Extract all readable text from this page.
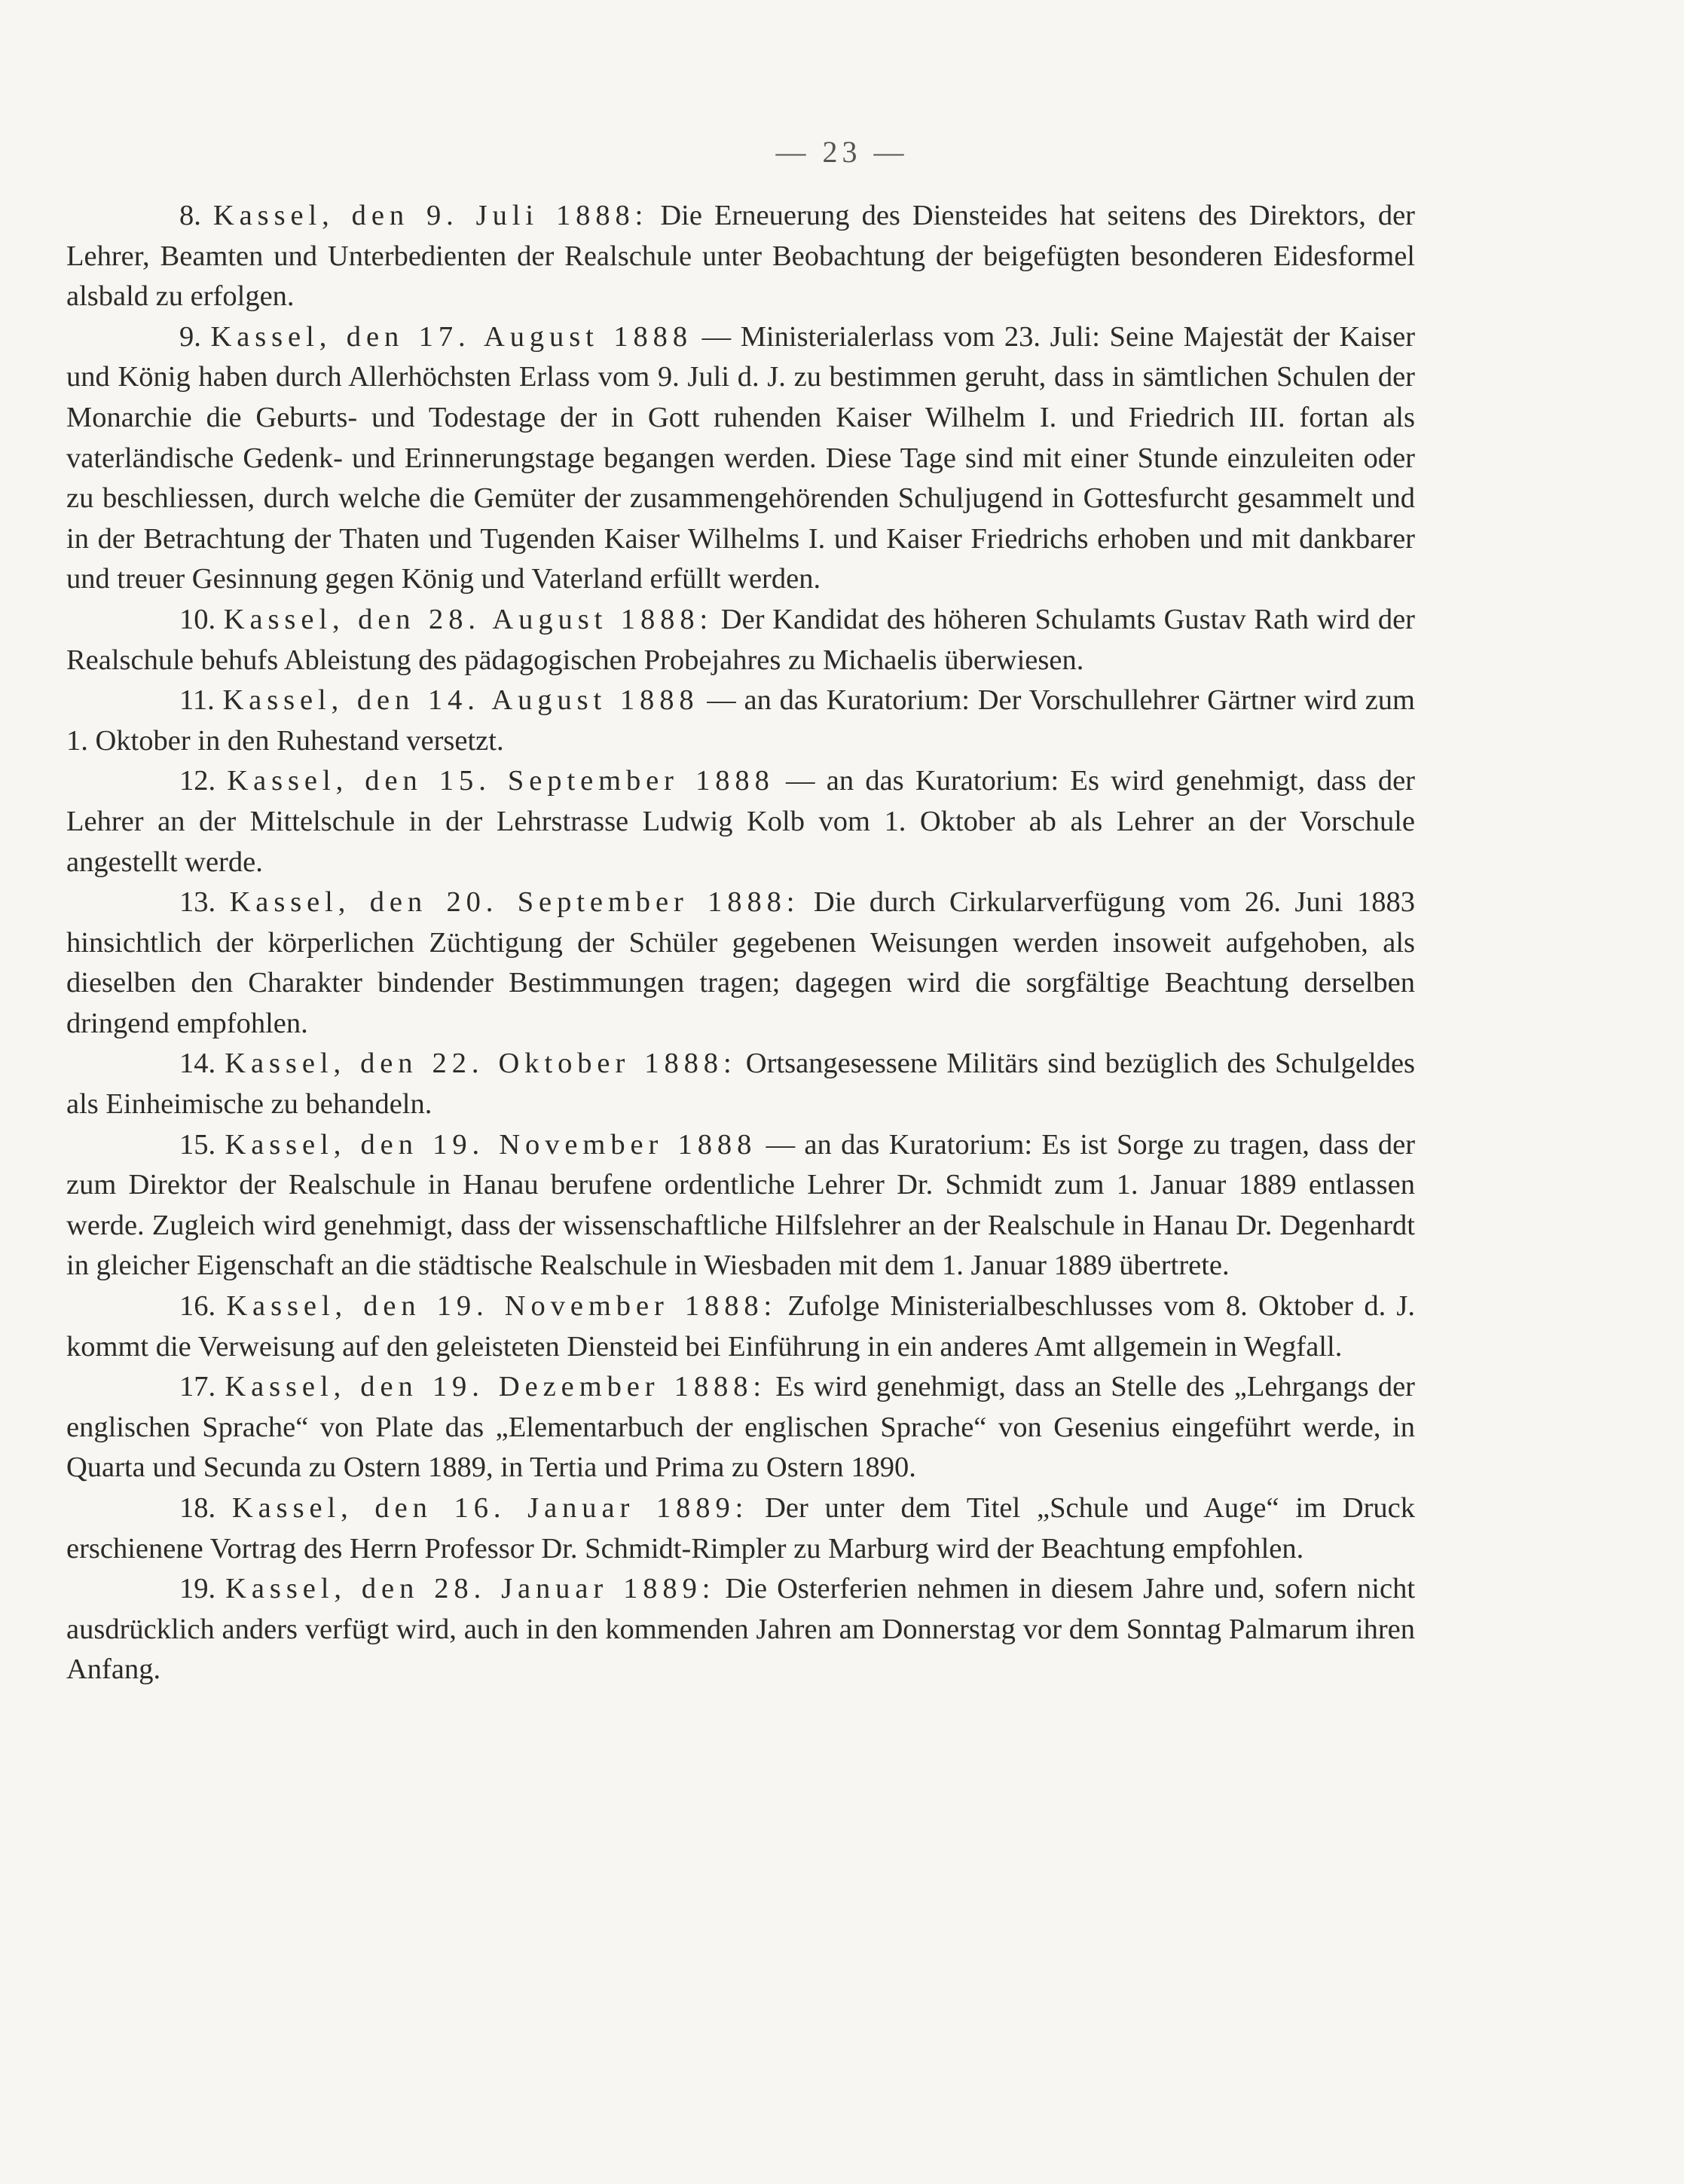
— 23 —

8. Kassel, den 9. Juli 1888: Die Erneuerung des Diensteides hat seitens des Direktors, der Lehrer, Beamten und Unterbedienten der Realschule unter Beobachtung der beigefügten besonderen Eidesformel alsbald zu erfolgen.

9. Kassel, den 17. August 1888 — Ministerialerlass vom 23. Juli: Seine Majestät der Kaiser und König haben durch Allerhöchsten Erlass vom 9. Juli d. J. zu bestimmen geruht, dass in sämtlichen Schulen der Monarchie die Geburts- und Todestage der in Gott ruhenden Kaiser Wilhelm I. und Friedrich III. fortan als vaterländische Gedenk- und Erinnerungstage begangen werden. Diese Tage sind mit einer Stunde einzuleiten oder zu beschliessen, durch welche die Gemüter der zusammengehörenden Schuljugend in Gottesfurcht gesammelt und in der Betrachtung der Thaten und Tugenden Kaiser Wilhelms I. und Kaiser Friedrichs erhoben und mit dankbarer und treuer Gesinnung gegen König und Vaterland erfüllt werden.

10. Kassel, den 28. August 1888: Der Kandidat des höheren Schulamts Gustav Rath wird der Realschule behufs Ableistung des pädagogischen Probejahres zu Michaelis überwiesen.

11. Kassel, den 14. August 1888 — an das Kuratorium: Der Vorschullehrer Gärtner wird zum 1. Oktober in den Ruhestand versetzt.

12. Kassel, den 15. September 1888 — an das Kuratorium: Es wird genehmigt, dass der Lehrer an der Mittelschule in der Lehrstrasse Ludwig Kolb vom 1. Oktober ab als Lehrer an der Vorschule angestellt werde.

13. Kassel, den 20. September 1888: Die durch Cirkularverfügung vom 26. Juni 1883 hinsichtlich der körperlichen Züchtigung der Schüler gegebenen Weisungen werden insoweit aufgehoben, als dieselben den Charakter bindender Bestimmungen tragen; dagegen wird die sorgfältige Beachtung derselben dringend empfohlen.

14. Kassel, den 22. Oktober 1888: Ortsangesessene Militärs sind bezüglich des Schulgeldes als Einheimische zu behandeln.

15. Kassel, den 19. November 1888 — an das Kuratorium: Es ist Sorge zu tragen, dass der zum Direktor der Realschule in Hanau berufene ordentliche Lehrer Dr. Schmidt zum 1. Januar 1889 entlassen werde. Zugleich wird genehmigt, dass der wissenschaftliche Hilfslehrer an der Realschule in Hanau Dr. Degenhardt in gleicher Eigenschaft an die städtische Realschule in Wiesbaden mit dem 1. Januar 1889 übertrete.

16. Kassel, den 19. November 1888: Zufolge Ministerialbeschlusses vom 8. Oktober d. J. kommt die Verweisung auf den geleisteten Diensteid bei Einführung in ein anderes Amt allgemein in Wegfall.

17. Kassel, den 19. Dezember 1888: Es wird genehmigt, dass an Stelle des „Lehrgangs der englischen Sprache“ von Plate das „Elementarbuch der englischen Sprache“ von Gesenius eingeführt werde, in Quarta und Secunda zu Ostern 1889, in Tertia und Prima zu Ostern 1890.

18. Kassel, den 16. Januar 1889: Der unter dem Titel „Schule und Auge“ im Druck erschienene Vortrag des Herrn Professor Dr. Schmidt-Rimpler zu Marburg wird der Beachtung empfohlen.

19. Kassel, den 28. Januar 1889: Die Osterferien nehmen in diesem Jahre und, sofern nicht ausdrücklich anders verfügt wird, auch in den kommenden Jahren am Donnerstag vor dem Sonntag Palmarum ihren Anfang.
